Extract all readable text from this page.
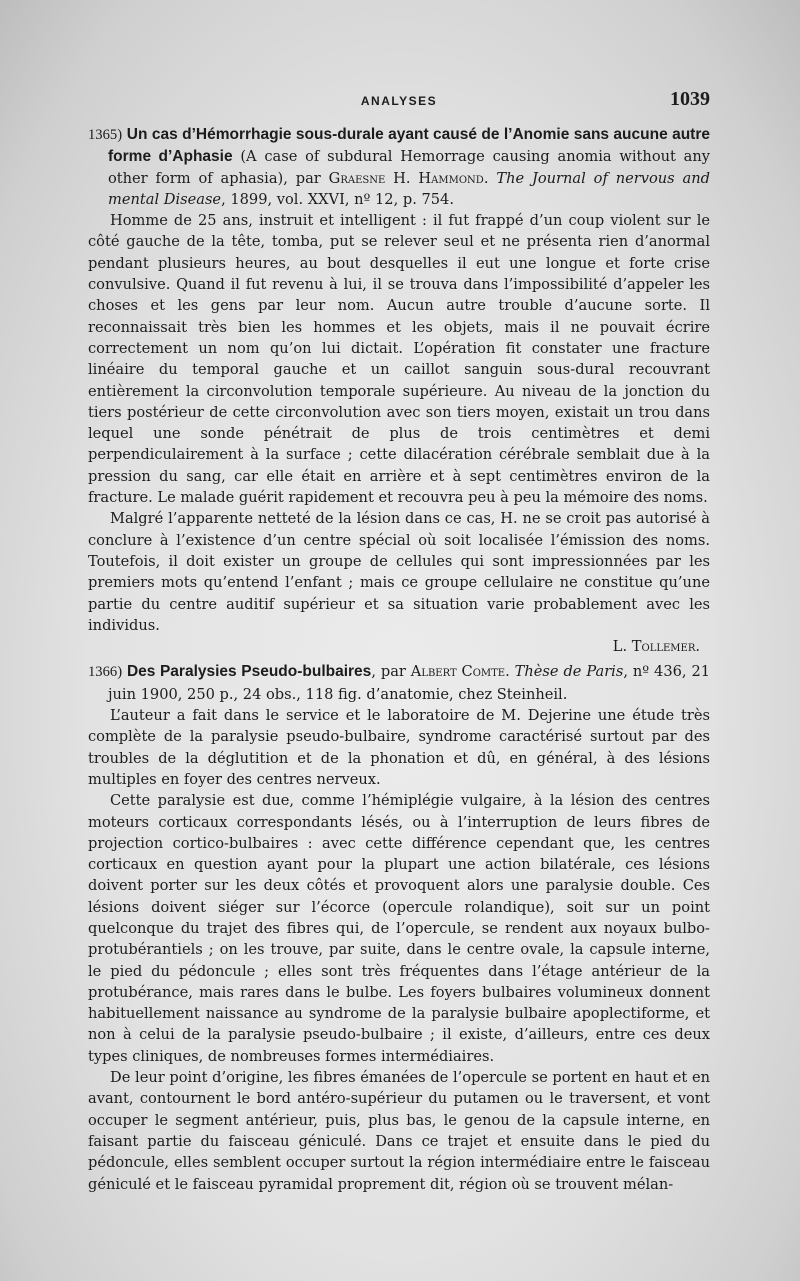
ANALYSES	1039

1365) Un cas d’Hémorrhagie sous-durale ayant causé de l’Anomie sans aucune autre forme d’Aphasie (A case of subdural Hemorrage causing anomia without any other form of aphasia), par Graesne H. Hammond. The Journal of nervous and mental Disease, 1899, vol. XXVI, nº 12, p. 754.

Homme de 25 ans, instruit et intelligent : il fut frappé d’un coup violent sur le côté gauche de la tête, tomba, put se relever seul et ne présenta rien d’anormal pendant plusieurs heures, au bout desquelles il eut une longue et forte crise convulsive. Quand il fut revenu à lui, il se trouva dans l’impossibilité d’appeler les choses et les gens par leur nom. Aucun autre trouble d’aucune sorte. Il reconnaissait très bien les hommes et les objets, mais il ne pouvait écrire correctement un nom qu’on lui dictait. L’opération fit constater une fracture linéaire du temporal gauche et un caillot sanguin sous-dural recouvrant entièrement la circonvolution temporale supérieure. Au niveau de la jonction du tiers postérieur de cette circonvolution avec son tiers moyen, existait un trou dans lequel une sonde pénétrait de plus de trois centimètres et demi perpendiculairement à la surface ; cette dilacération cérébrale semblait due à la pression du sang, car elle était en arrière et à sept centimètres environ de la fracture. Le malade guérit rapidement et recouvra peu à peu la mémoire des noms.

Malgré l’apparente netteté de la lésion dans ce cas, H. ne se croit pas autorisé à conclure à l’existence d’un centre spécial où soit localisée l’émission des noms. Toutefois, il doit exister un groupe de cellules qui sont impressionnées par les premiers mots qu’entend l’enfant ; mais ce groupe cellulaire ne constitue qu’une partie du centre auditif supérieur et sa situation varie probablement avec les individus.

L. Tollemer.

1366) Des Paralysies Pseudo-bulbaires, par Albert Comte. Thèse de Paris, nº 436, 21 juin 1900, 250 p., 24 obs., 118 fig. d’anatomie, chez Steinheil.

L’auteur a fait dans le service et le laboratoire de M. Dejerine une étude très complète de la paralysie pseudo-bulbaire, syndrome caractérisé surtout par des troubles de la déglutition et de la phonation et dû, en général, à des lésions multiples en foyer des centres nerveux.

Cette paralysie est due, comme l’hémiplégie vulgaire, à la lésion des centres moteurs corticaux correspondants lésés, ou à l’interruption de leurs fibres de projection cortico-bulbaires : avec cette différence cependant que, les centres corticaux en question ayant pour la plupart une action bilatérale, ces lésions doivent porter sur les deux côtés et provoquent alors une paralysie double. Ces lésions doivent siéger sur l’écorce (opercule rolandique), soit sur un point quelconque du trajet des fibres qui, de l’opercule, se rendent aux noyaux bulbo-protubérantiels ; on les trouve, par suite, dans le centre ovale, la capsule interne, le pied du pédoncule ; elles sont très fréquentes dans l’étage antérieur de la protubérance, mais rares dans le bulbe. Les foyers bulbaires volumineux donnent habituellement naissance au syndrome de la paralysie bulbaire apoplectiforme, et non à celui de la paralysie pseudo-bulbaire ; il existe, d’ailleurs, entre ces deux types cliniques, de nombreuses formes intermédiaires.

De leur point d’origine, les fibres émanées de l’opercule se portent en haut et en avant, contournent le bord antéro-supérieur du putamen ou le traversent, et vont occuper le segment antérieur, puis, plus bas, le genou de la capsule interne, en faisant partie du faisceau géniculé. Dans ce trajet et ensuite dans le pied du pédoncule, elles semblent occuper surtout la région intermédiaire entre le faisceau géniculé et le faisceau pyramidal proprement dit, région où se trouvent mélan-
